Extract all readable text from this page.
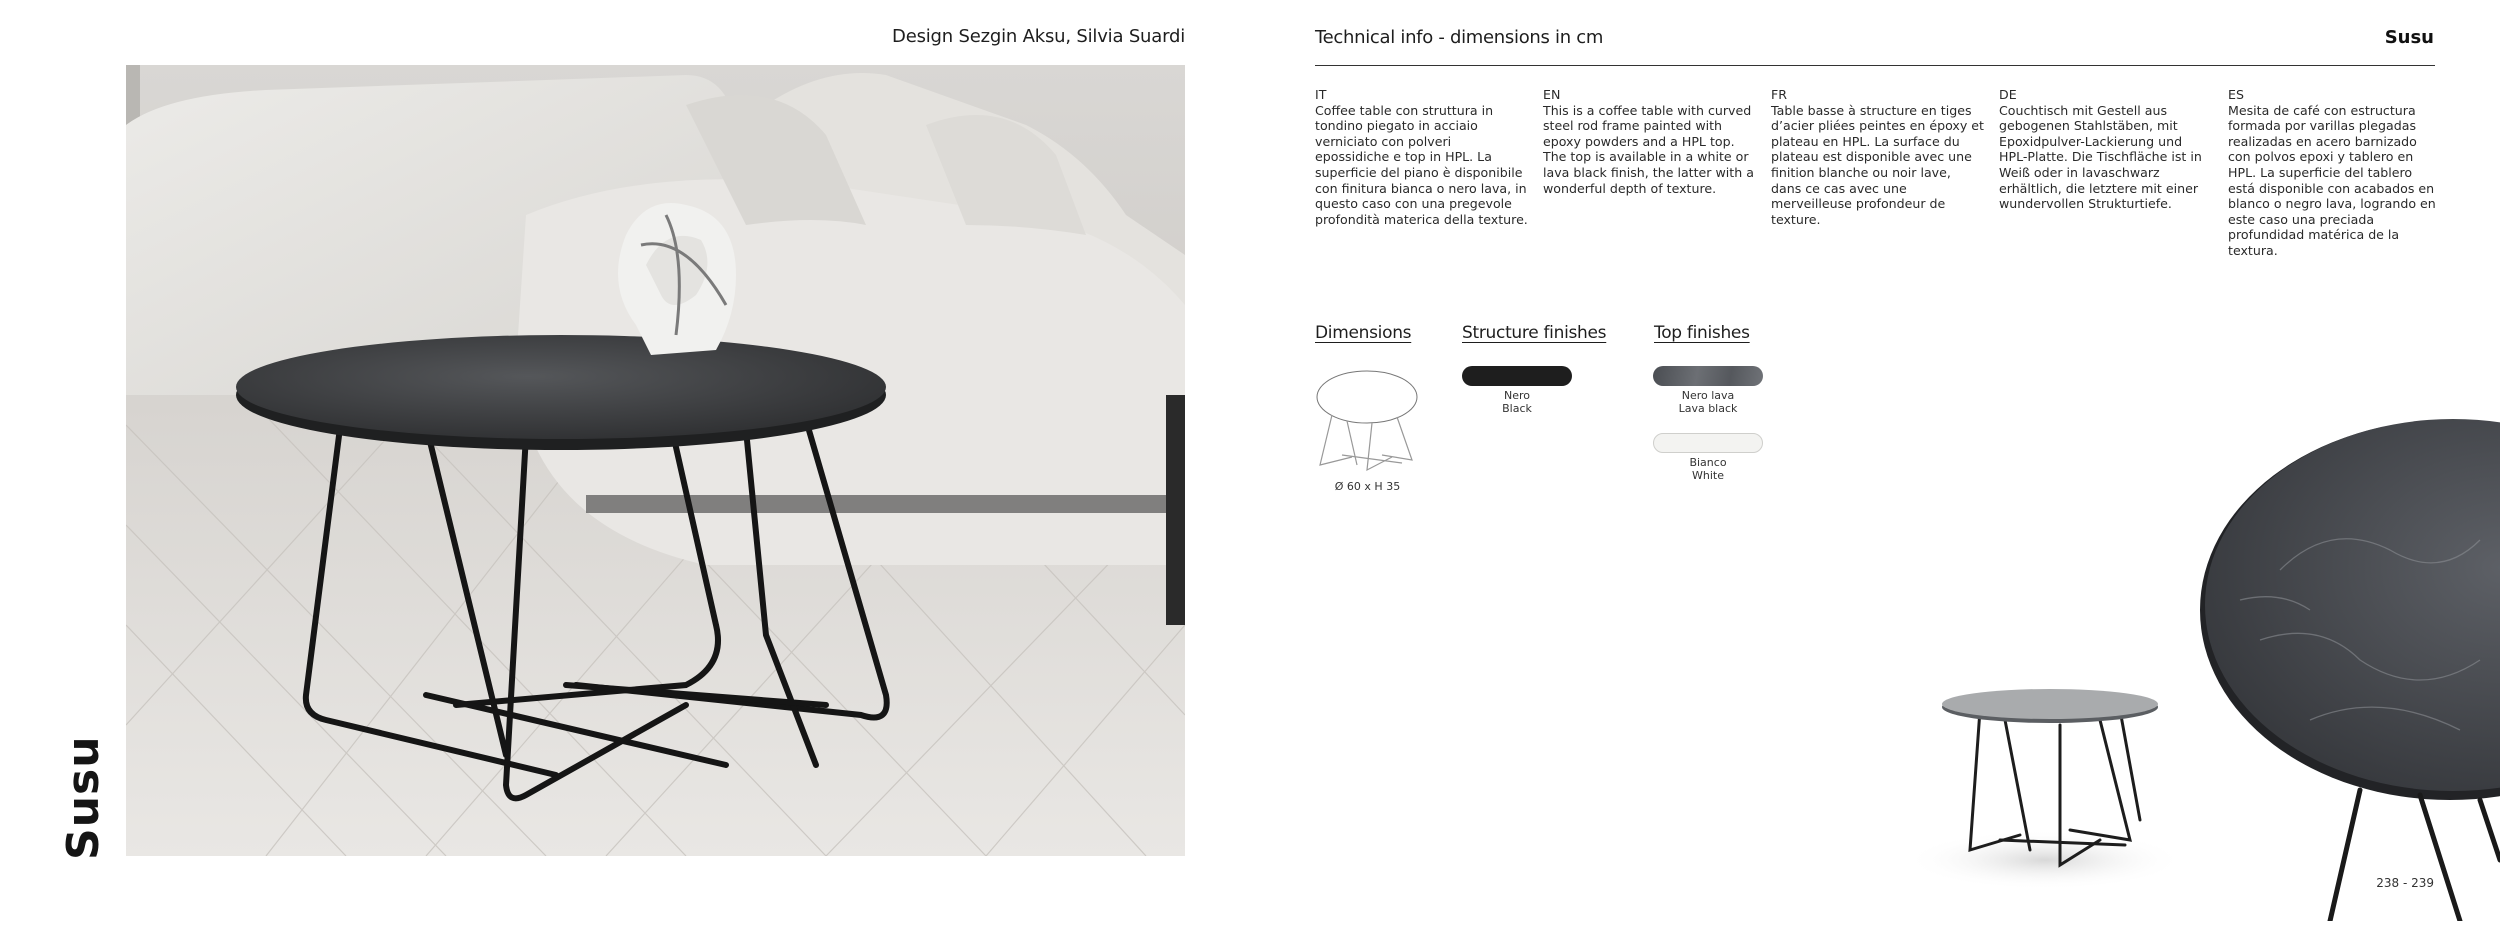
Design Sezgin Aksu, Silvia Suardi
Susu
Technical info - dimensions in cm	Susu
IT
Coffee table con struttura in tondino piegato in acciaio verniciato con polveri epossidiche e top in HPL. La superficie del piano è disponibile con finitura bianca o nero lava, in questo caso con una pregevole profondità materica della texture.
EN
This is a coffee table with curved steel rod frame painted with epoxy powders and a HPL top. The top is available in a white or lava black finish, the latter with a wonderful depth of texture.
FR
Table basse à structure en tiges d’acier pliées peintes en époxy et plateau en HPL. La surface du plateau est disponible avec une finition blanche ou noir lave, dans ce cas avec une merveilleuse profondeur de texture.
DE
Couchtisch mit Gestell aus gebogenen Stahlstäben, mit Epoxidpulver-Lackierung und HPL-Platte. Die Tischfläche ist in Weiß oder in lavaschwarz erhältlich, die letztere mit einer wundervollen Strukturtiefe.
ES
Mesita de café con estructura formada por varillas plegadas realizadas en acero barnizado con polvos epoxi y tablero en HPL. La superficie del tablero está disponible con acabados en blanco o negro lava, logrando en este caso una preciada profundidad matérica de la textura.
Dimensions	Structure finishes	Top finishes
Ø 60 x H 35
Nero
Black
Nero lava
Lava black
Bianco
White
238 - 239
